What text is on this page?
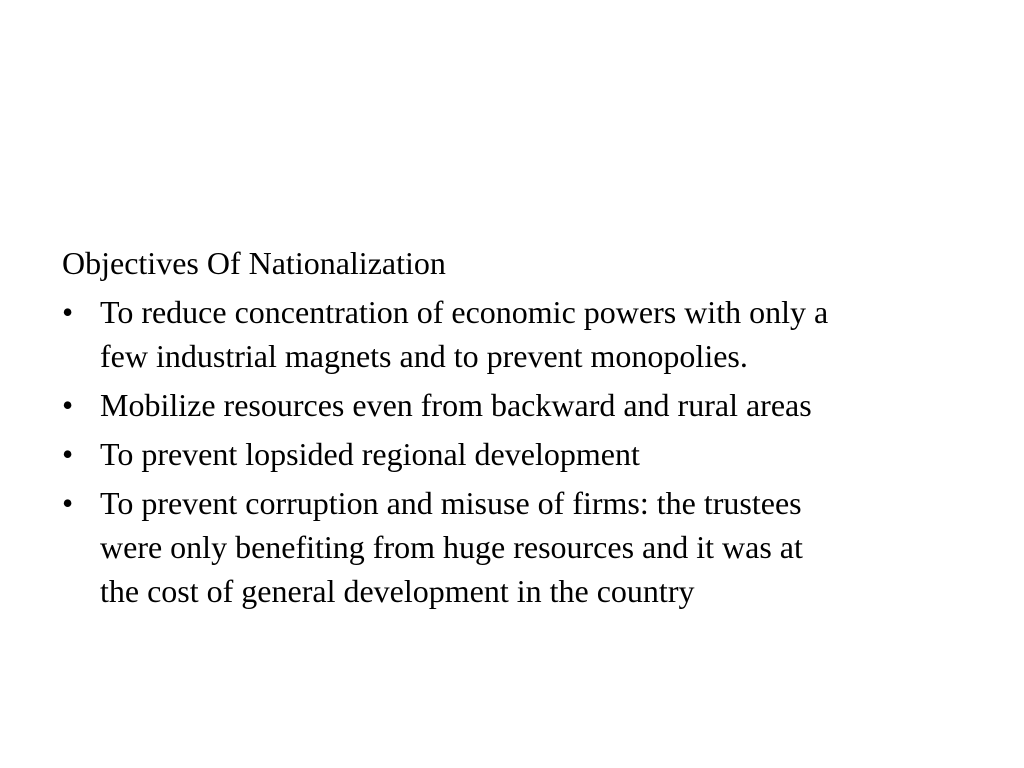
Objectives Of Nationalization
• To reduce concentration of economic powers with only a
few industrial magnets and to prevent monopolies.
• Mobilize resources even from backward and rural areas
• To prevent lopsided regional development
• To prevent corruption and misuse of firms: the trustees
were only benefiting from huge resources and it was at
the cost of general development in the country
